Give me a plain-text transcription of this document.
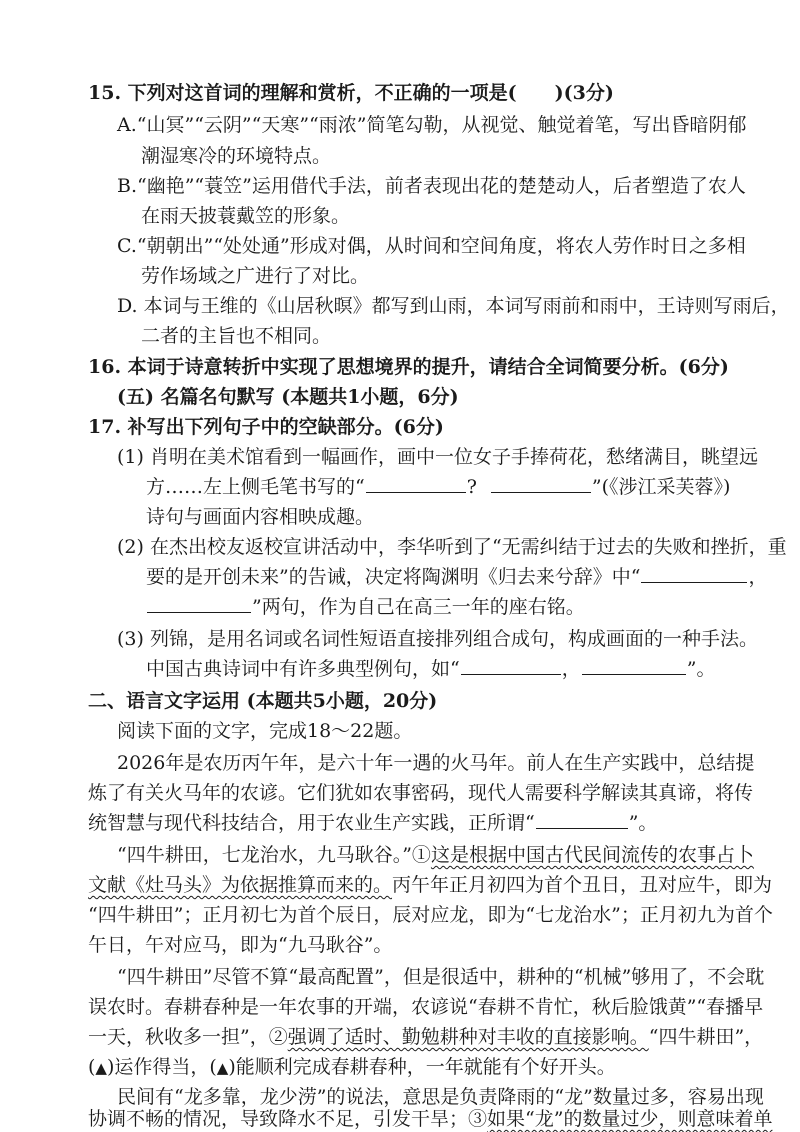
15. 下列对这首词的理解和赏析，不正确的一项是(　　)(3分)
A.“山冥”“云阴”“天寒”“雨浓”简笔勾勒，从视觉、触觉着笔，写出昏暗阴郁
潮湿寒冷的环境特点。
B.“幽艳”“蓑笠”运用借代手法，前者表现出花的楚楚动人，后者塑造了农人
在雨天披蓑戴笠的形象。
C.“朝朝出”“处处通”形成对偶，从时间和空间角度，将农人劳作时日之多相
劳作场域之广进行了对比。
D. 本词与王维的《山居秋暝》都写到山雨，本词写雨前和雨中，王诗则写雨后，
二者的主旨也不相同。
16. 本词于诗意转折中实现了思想境界的提升，请结合全词简要分析。(6分)
(五) 名篇名句默写 (本题共1小题，6分)
17. 补写出下列句子中的空缺部分。(6分)
(1) 肖明在美术馆看到一幅画作，画中一位女子手捧荷花，愁绪满目，眺望远
方……左上侧毛笔书写的“	?	”(《涉江采芙蓉》)
诗句与画面内容相映成趣。
(2) 在杰出校友返校宣讲活动中，李华听到了“无需纠结于过去的失败和挫折，重
要的是开创未来”的告诫，决定将陶渊明《归去来兮辞》中“	，
”两句，作为自己在高三一年的座右铭。
(3) 列锦，是用名词或名词性短语直接排列组合成句，构成画面的一种手法。
中国古典诗词中有许多典型例句，如“	，	”。
二、语言文字运用 (本题共5小题，20分)
阅读下面的文字，完成18～22题。
2026年是农历丙午年，是六十年一遇的火马年。前人在生产实践中，总结提
炼了有关火马年的农谚。它们犹如农事密码，现代人需要科学解读其真谛，将传
统智慧与现代科技结合，用于农业生产实践，正所谓“	”。
“四牛耕田，七龙治水，九马耿谷。”①这是根据中国古代民间流传的农事占卜
文献《灶马头》为依据推算而来的。丙午年正月初四为首个丑日，丑对应牛，即为
“四牛耕田”；正月初七为首个辰日，辰对应龙，即为“七龙治水”；正月初九为首个
午日，午对应马，即为“九马耿谷”。
“四牛耕田”尽管不算“最高配置”，但是很适中，耕种的“机械”够用了，不会耽
误农时。春耕春种是一年农事的开端，农谚说“春耕不肯忙，秋后脸饿黄”“春播早
一天，秋收多一担”，②强调了适时、勤勉耕种对丰收的直接影响。“四牛耕田”，
(▲)运作得当，(▲)能顺利完成春耕春种，一年就能有个好开头。
民间有“龙多靠，龙少涝”的说法，意思是负责降雨的“龙”数量过多，容易出现
协调不畅的情况，导致降水不足，引发干旱；③如果“龙”的数量过少，则意味着单
